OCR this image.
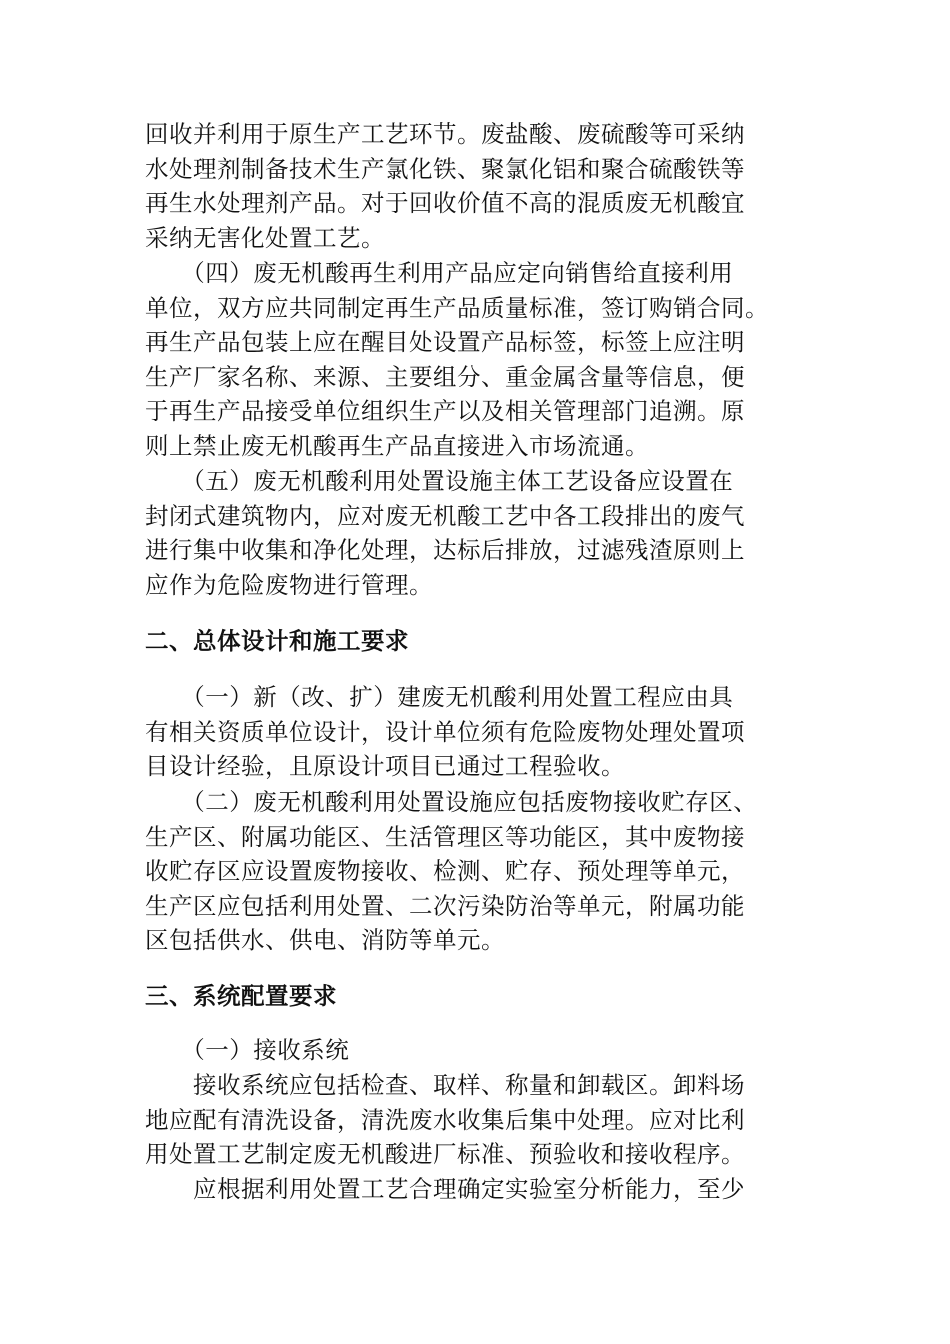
回收并利用于原生产工艺环节。废盐酸、废硫酸等可采纳
水处理剂制备技术生产氯化铁、聚氯化铝和聚合硫酸铁等
再生水处理剂产品。对于回收价值不高的混质废无机酸宜
采纳无害化处置工艺。
　　（四）废无机酸再生利用产品应定向销售给直接利用
单位，双方应共同制定再生产品质量标准，签订购销合同。
再生产品包装上应在醒目处设置产品标签，标签上应注明
生产厂家名称、来源、主要组分、重金属含量等信息，便
于再生产品接受单位组织生产以及相关管理部门追溯。原
则上禁止废无机酸再生产品直接进入市场流通。
　　（五）废无机酸利用处置设施主体工艺设备应设置在
封闭式建筑物内，应对废无机酸工艺中各工段排出的废气
进行集中收集和净化处理，达标后排放，过滤残渣原则上
应作为危险废物进行管理。
二、总体设计和施工要求
　　（一）新（改、扩）建废无机酸利用处置工程应由具
有相关资质单位设计，设计单位须有危险废物处理处置项
目设计经验，且原设计项目已通过工程验收。
　　（二）废无机酸利用处置设施应包括废物接收贮存区、
生产区、附属功能区、生活管理区等功能区，其中废物接
收贮存区应设置废物接收、检测、贮存、预处理等单元，
生产区应包括利用处置、二次污染防治等单元，附属功能
区包括供水、供电、消防等单元。
三、系统配置要求
　　（一）接收系统
　　接收系统应包括检查、取样、称量和卸载区。卸料场
地应配有清洗设备，清洗废水收集后集中处理。应对比利
用处置工艺制定废无机酸进厂标准、预验收和接收程序。
　　应根据利用处置工艺合理确定实验室分析能力，至少
